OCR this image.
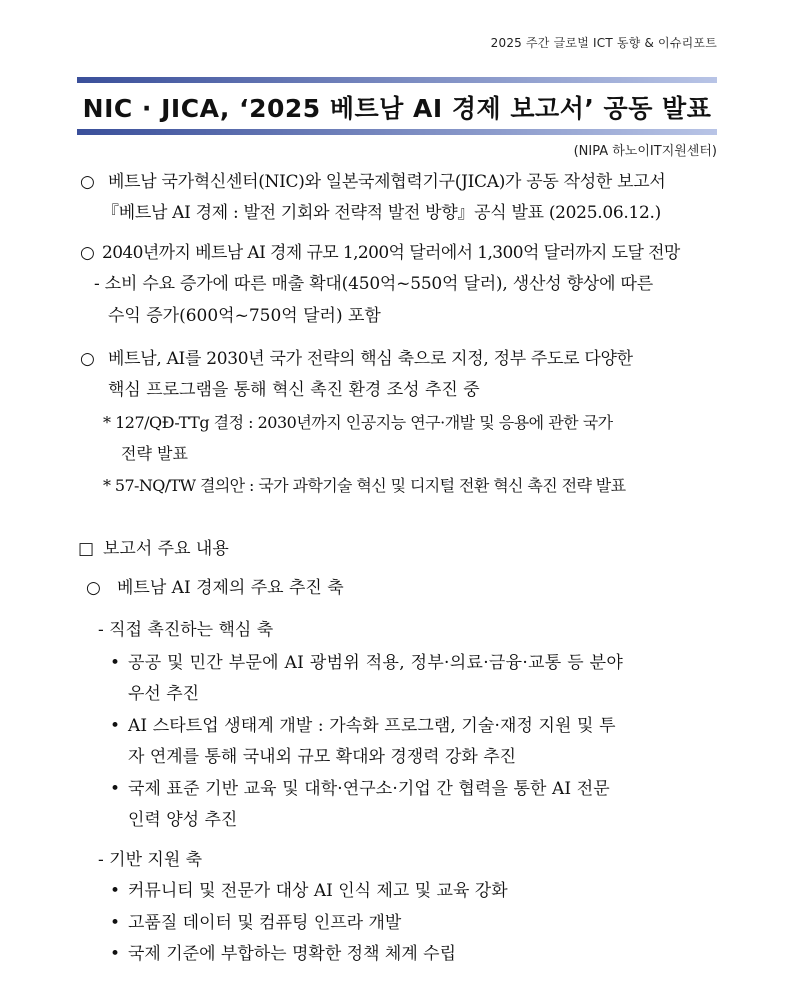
2025 주간 글로벌 ICT 동향 & 이슈리포트
NIC · JICA, ‘2025 베트남 AI 경제 보고서’ 공동 발표
(NIPA 하노이IT지원센터)
○ 베트남 국가혁신센터(NIC)와 일본국제협력기구(JICA)가 공동 작성한 보고서
『베트남 AI 경제 : 발전 기회와 전략적 발전 방향』공식 발표 (2025.06.12.)
○ 2040년까지 베트남 AI 경제 규모 1,200억 달러에서 1,300억 달러까지 도달 전망
- 소비 수요 증가에 따른 매출 확대(450억~550억 달러), 생산성 향상에 따른
수익 증가(600억~750억 달러) 포함
○ 베트남, AI를 2030년 국가 전략의 핵심 축으로 지정, 정부 주도로 다양한
핵심 프로그램을 통해 혁신 촉진 환경 조성 추진 중
* 127/QĐ-TTg 결정 : 2030년까지 인공지능 연구·개발 및 응용에 관한 국가
전략 발표
* 57-NQ/TW 결의안 : 국가 과학기술 혁신 및 디지털 전환 혁신 촉진 전략 발표
□ 보고서 주요 내용
○ 베트남 AI 경제의 주요 추진 축
- 직접 촉진하는 핵심 축
• 공공 및 민간 부문에 AI 광범위 적용, 정부·의료·금융·교통 등 분야
우선 추진
• AI 스타트업 생태계 개발 : 가속화 프로그램, 기술·재정 지원 및 투
자 연계를 통해 국내외 규모 확대와 경쟁력 강화 추진
• 국제 표준 기반 교육 및 대학·연구소·기업 간 협력을 통한 AI 전문
인력 양성 추진
- 기반 지원 축
• 커뮤니티 및 전문가 대상 AI 인식 제고 및 교육 강화
• 고품질 데이터 및 컴퓨팅 인프라 개발
• 국제 기준에 부합하는 명확한 정책 체계 수립
